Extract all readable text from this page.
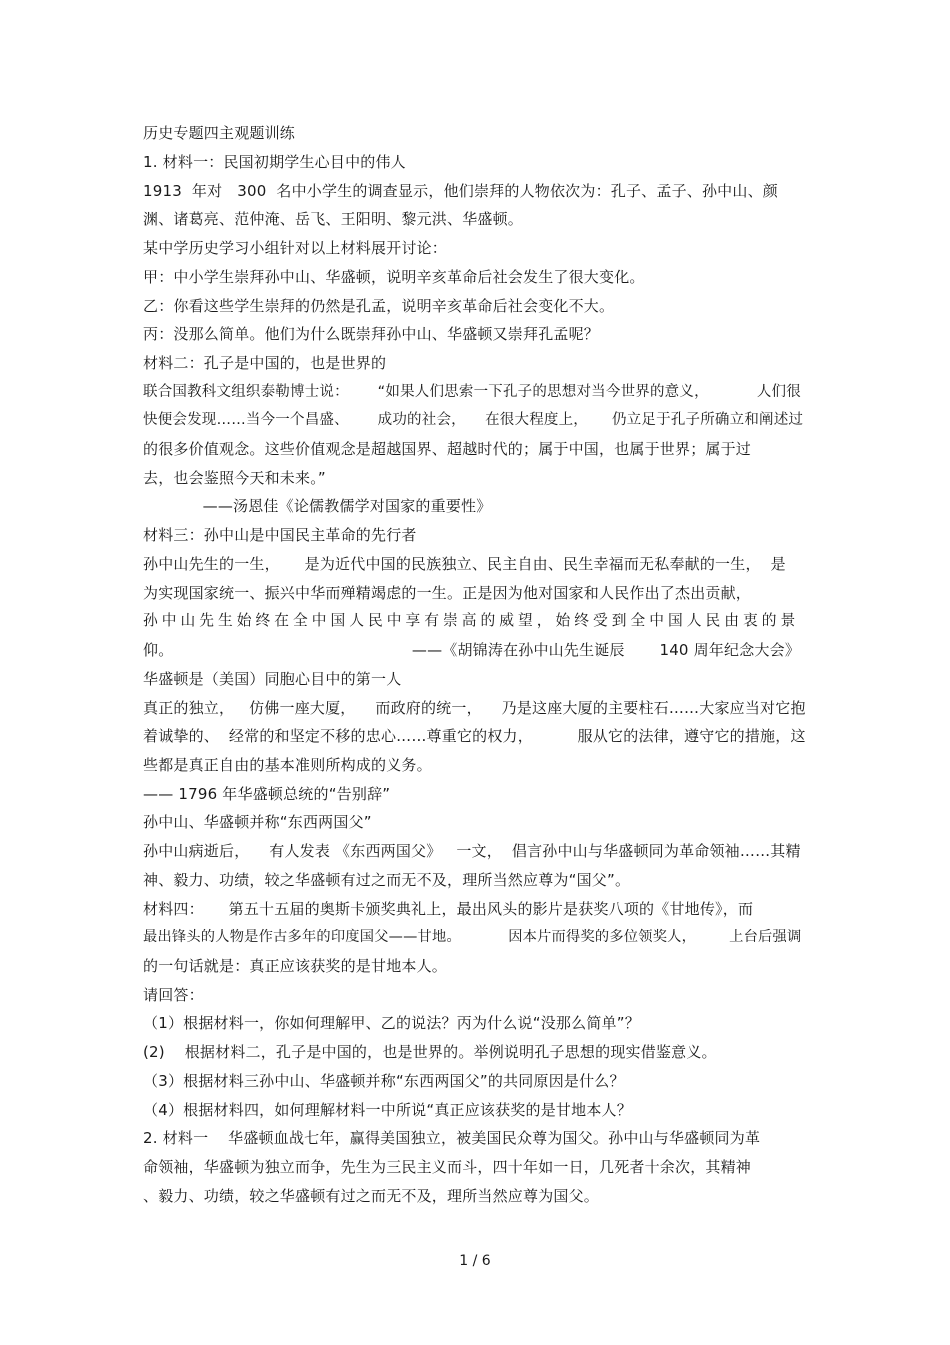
历史专题四主观题训练
1. 材料一：民国初期学生心目中的伟人
1913  年对   300  名中小学生的调查显示，他们崇拜的人物依次为：孔子、孟子、孙中山、颜
渊、诸葛亮、范仲淹、岳飞、王阳明、黎元洪、华盛顿。
某中学历史学习小组针对以上材料展开讨论：
甲：中小学生崇拜孙中山、华盛顿，说明辛亥革命后社会发生了很大变化。
乙：你看这些学生崇拜的仍然是孔孟，说明辛亥革命后社会变化不大。
丙：没那么简单。他们为什么既崇拜孙中山、华盛顿又崇拜孔孟呢？
材料二：孔子是中国的，也是世界的
联合国教科文组织泰勒博士说：      “如果人们思索一下孔子的思想对当今世界的意义，          人们很
快便会发现……当今一个昌盛、      成功的社会，    在很大程度上，     仍立足于孔子所确立和阐述过
的很多价值观念。这些价值观念是超越国界、超越时代的；属于中国，也属于世界；属于过
去，也会鉴照今天和未来。”
——汤恩佳《论儒教儒学对国家的重要性》
材料三：孙中山是中国民主革命的先行者
孙中山先生的一生，     是为近代中国的民族独立、民主自由、民生幸福而无私奉献的一生，  是
为实现国家统一、振兴中华而殚精竭虑的一生。正是因为他对国家和人民作出了杰出贡献，
孙中山先生始终在全中国人民中享有崇高的威望，始终受到全中国人民由衷的景
仰。                                                ——《胡锦涛在孙中山先生诞辰       140 周年纪念大会》
华盛顿是（美国）同胞心目中的第一人
真正的独立，   仿佛一座大厦，    而政府的统一，    乃是这座大厦的主要柱石……大家应当对它抱
着诚挚的、  经常的和坚定不移的忠心……尊重它的权力，         服从它的法律，遵守它的措施，这
些都是真正自由的基本准则所构成的义务。
—— 1796 年华盛顿总统的“告别辞”
孙中山、华盛顿并称“东西两国父”
孙中山病逝后，    有人发表 《东西两国父》   一文，  倡言孙中山与华盛顿同为革命领袖……其精
神、毅力、功绩，较之华盛顿有过之而无不及，理所当然应尊为“国父”。
材料四：     第五十五届的奥斯卡颁奖典礼上，最出风头的影片是获奖八项的《甘地传》，而
最出锋头的人物是作古多年的印度国父——甘地。          因本片而得奖的多位领奖人，       上台后强调
的一句话就是：真正应该获奖的是甘地本人。
请回答：
（1）根据材料一，你如何理解甲、乙的说法？丙为什么说“没那么简单”？
(2)    根据材料二，孔子是中国的，也是世界的。举例说明孔子思想的现实借鉴意义。
（3）根据材料三孙中山、华盛顿并称“东西两国父”的共同原因是什么？
（4）根据材料四，如何理解材料一中所说“真正应该获奖的是甘地本人？
2. 材料一    华盛顿血战七年，赢得美国独立，被美国民众尊为国父。孙中山与华盛顿同为革
命领袖，华盛顿为独立而争，先生为三民主义而斗，四十年如一日，几死者十余次，其精神
、毅力、功绩，较之华盛顿有过之而无不及，理所当然应尊为国父。
1 / 6
